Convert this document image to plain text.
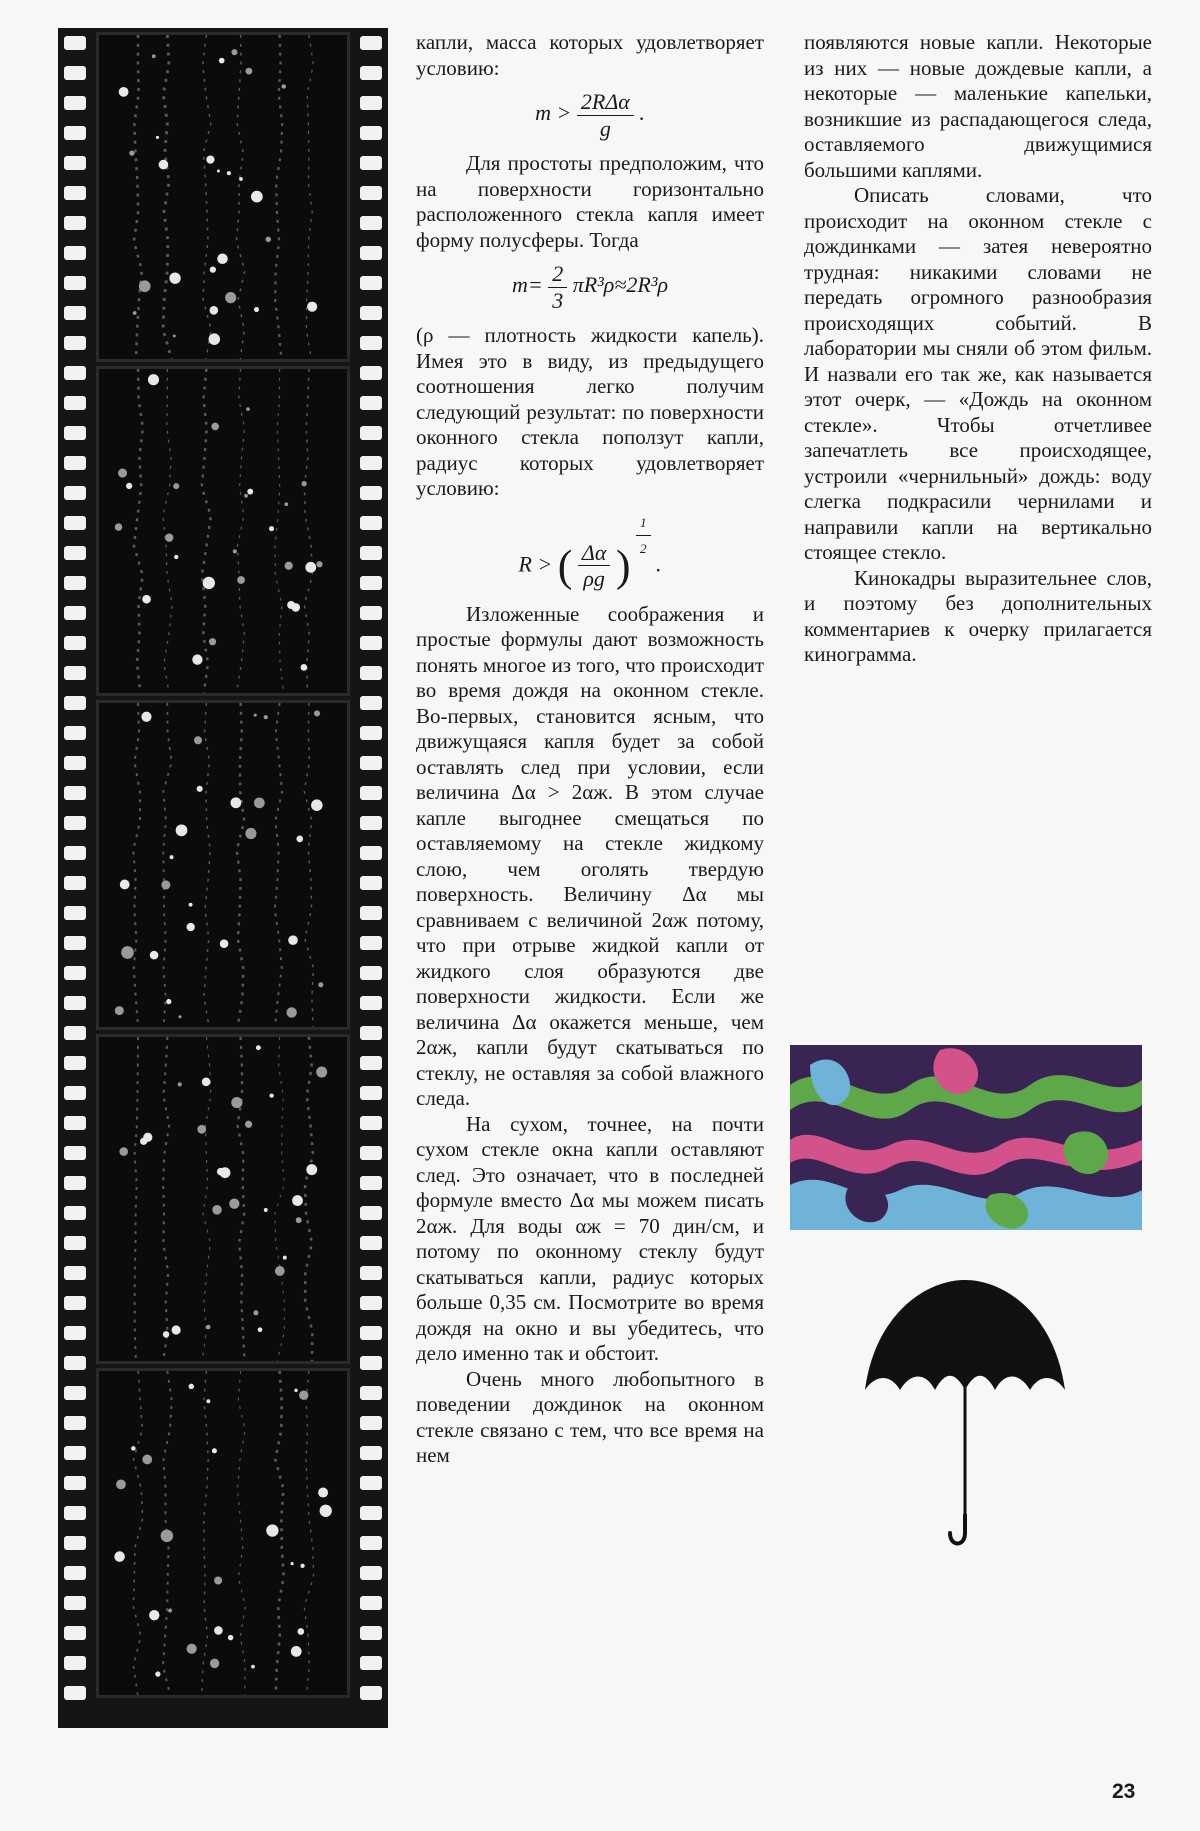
капли, масса которых удовлетворяет условию:

$m > \frac{\text{2RΔα}}{g}$ .

Для простоты предположим, что на поверхности горизонтально расположенного стекла капля имеет форму полусферы. Тогда

$m= \frac{2}{3} \pi R^3\rho\approx 2R^3\rho$

(ρ — плотность жидкости капель). Имея это в виду, из предыдущего соотношения легко получим следующий результат: по поверхности оконного стекла поползут капли, радиус которых удовлетворяет условию:

R > ( $\frac{\Delta\alpha}{\rho g}$ )
$\frac{1}{2}$
.

Изложенные соображения и простые формулы дают возможность понять многое из того, что происходит во время дождя на оконном стекле. Во-первых, становится ясным, что движущаяся капля будет за собой оставлять след при условии, если величина Δα > 2αж. В этом случае капле выгоднее смещаться по оставляемому на стекле жидкому слою, чем оголять твердую поверхность. Величину Δα мы сравниваем с величиной 2αж потому, что при отрыве жидкой капли от жидкого слоя образуются две поверхности жидкости. Если же величина Δα окажется меньше, чем 2αж, капли будут скатываться по стеклу, не оставляя за собой влажного следа.

На сухом, точнее, на почти сухом стекле окна капли оставляют след. Это означает, что в последней формуле вместо Δα мы можем писать 2αж. Для воды αж = 70 дин/см, и потому по оконному стеклу будут скатываться капли, радиус которых больше 0,35 см. Посмотрите во время дождя на окно и вы убедитесь, что дело именно так и обстоит.

Очень много любопытного в поведении дождинок на оконном стекле связано с тем, что все время на нем

появляются новые капли. Некоторые из них — новые дождевые капли, а некоторые — маленькие капельки, возникшие из распадающегося следа, оставляемого движущимися большими каплями.

Описать словами, что происходит на оконном стекле с дождинками — затея невероятно трудная: никакими словами не передать огромного разнообразия происходящих событий. В лаборатории мы сняли об этом фильм. И назвали его так же, как называется этот очерк, — «Дождь на оконном стекле». Чтобы отчетливее запечатлеть все происходящее, устроили «чернильный» дождь: воду слегка подкрасили чернилами и направили капли на вертикально стоящее стекло.

Кинокадры выразительнее слов, и поэтому без дополнительных комментариев к очерку прилагается кинограмма.

23
